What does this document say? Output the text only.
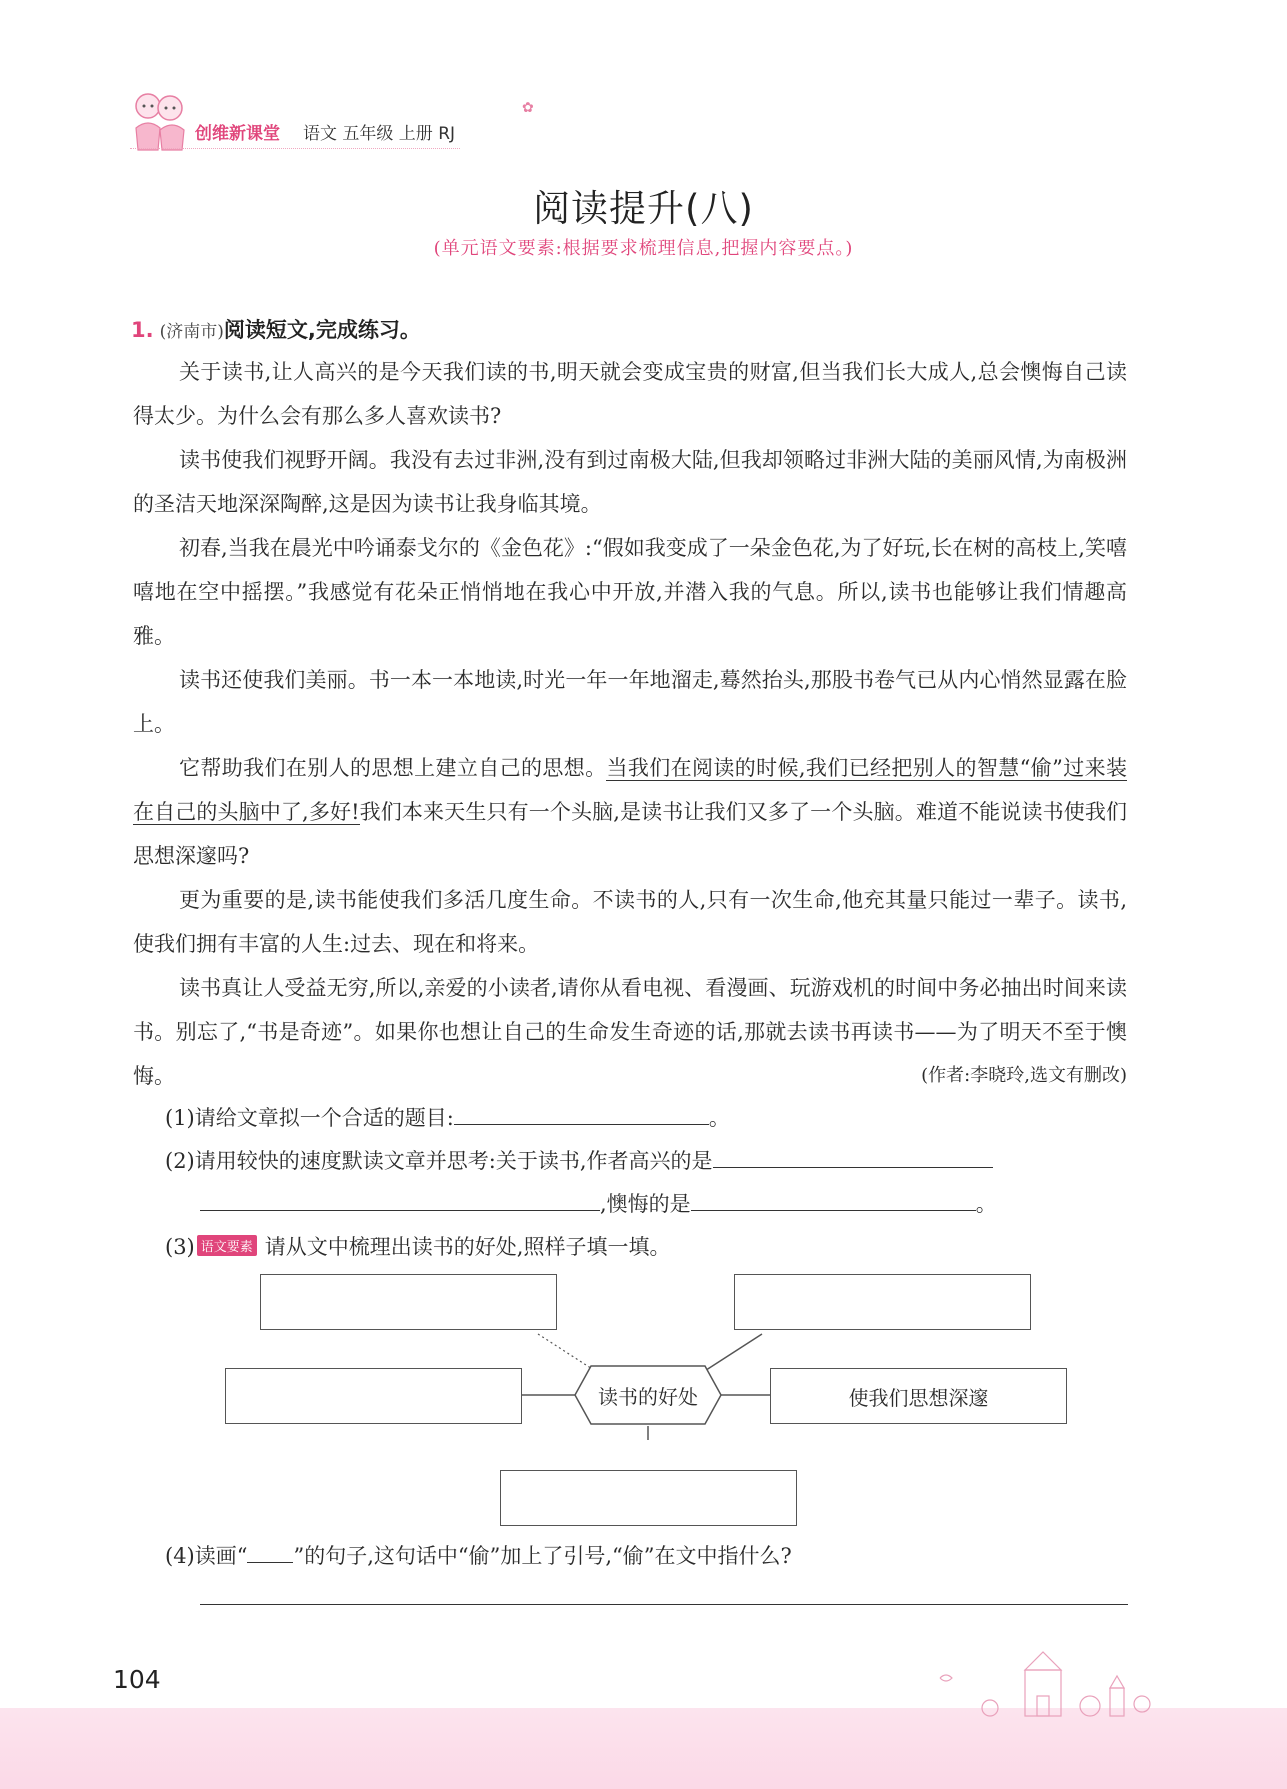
创维新课堂 语文 五年级 上册 RJ
✿
阅读提升(八)
(单元语文要素:根据要求梳理信息,把握内容要点。)
1. (济南市)阅读短文,完成练习。

关于读书,让人高兴的是今天我们读的书,明天就会变成宝贵的财富,但当我们长大成人,总会懊悔自己读得太少。为什么会有那么多人喜欢读书?

读书使我们视野开阔。我没有去过非洲,没有到过南极大陆,但我却领略过非洲大陆的美丽风情,为南极洲的圣洁天地深深陶醉,这是因为读书让我身临其境。

初春,当我在晨光中吟诵泰戈尔的《金色花》:“假如我变成了一朵金色花,为了好玩,长在树的高枝上,笑嘻嘻地在空中摇摆。”我感觉有花朵正悄悄地在我心中开放,并潜入我的气息。所以,读书也能够让我们情趣高雅。

读书还使我们美丽。书一本一本地读,时光一年一年地溜走,蓦然抬头,那股书卷气已从内心悄然显露在脸上。

它帮助我们在别人的思想上建立自己的思想。当我们在阅读的时候,我们已经把别人的智慧“偷”过来装在自己的头脑中了,多好!我们本来天生只有一个头脑,是读书让我们又多了一个头脑。难道不能说读书使我们思想深邃吗?

更为重要的是,读书能使我们多活几度生命。不读书的人,只有一次生命,他充其量只能过一辈子。读书,使我们拥有丰富的人生:过去、现在和将来。

读书真让人受益无穷,所以,亲爱的小读者,请你从看电视、看漫画、玩游戏机的时间中务必抽出时间来读书。别忘了,“书是奇迹”。如果你也想让自己的生命发生奇迹的话,那就去读书再读书——为了明天不至于懊悔。	(作者:李晓玲,选文有删改)

(1)请给文章拟一个合适的题目:	。
(2)请用较快的速度默读文章并思考:关于读书,作者高兴的是
,懊悔的是	。
(3) 语文要素 请从文中梳理出读书的好处,照样子填一填。
使我们思想深邃
读书的好处
(4)读画“ ”的句子,这句话中“偷”加上了引号,“偷”在文中指什么?
104
